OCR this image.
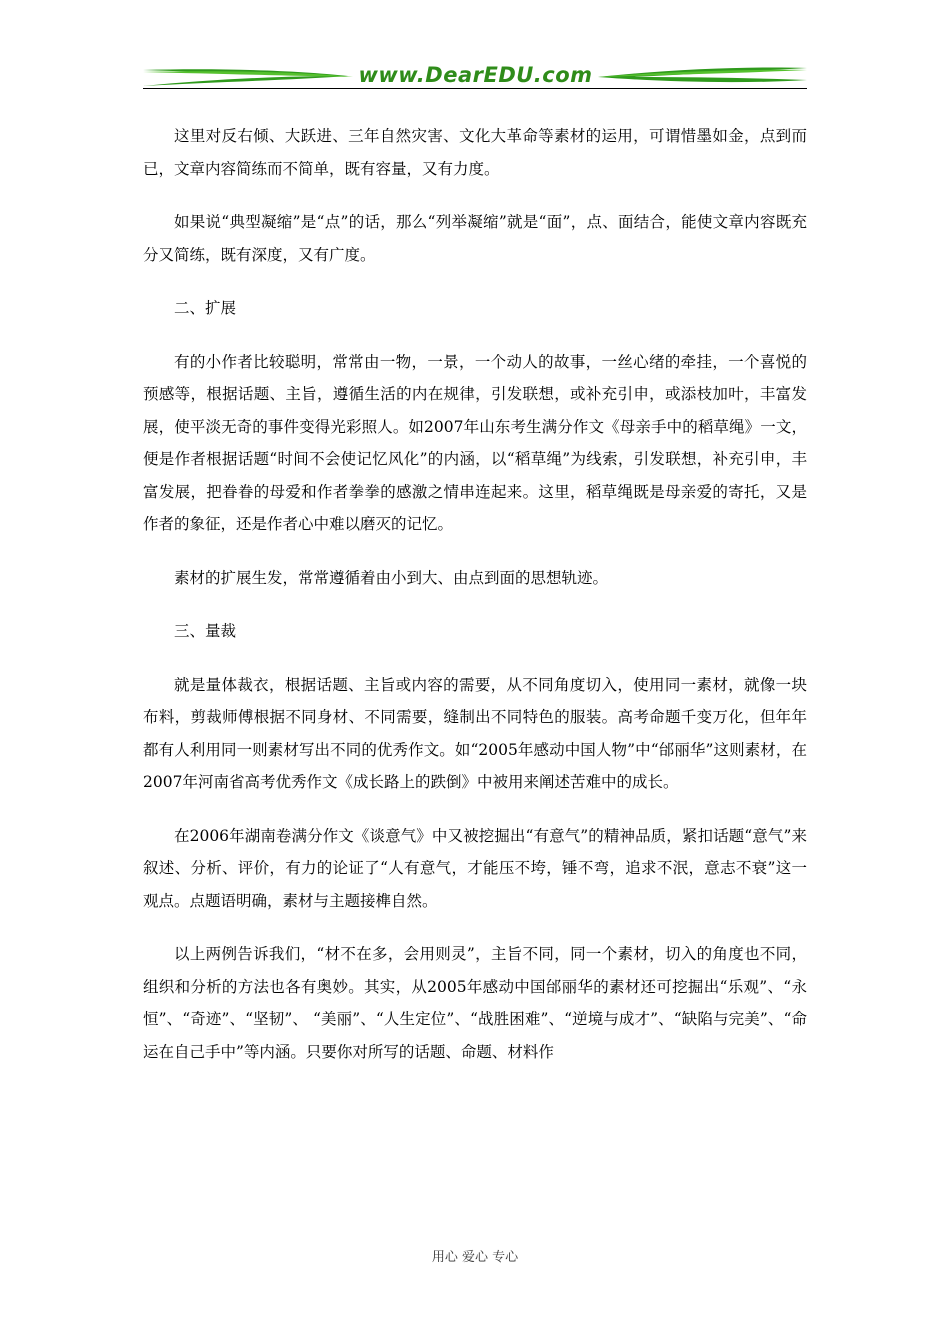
www.DearEDU.com

这里对反右倾、大跃进、三年自然灾害、文化大革命等素材的运用，可谓惜墨如金，点到而已，文章内容简练而不简单，既有容量，又有力度。

如果说“典型凝缩”是“点”的话，那么“列举凝缩”就是“面”，点、面结合，能使文章内容既充分又简练，既有深度，又有广度。

二、扩展

有的小作者比较聪明，常常由一物，一景，一个动人的故事，一丝心绪的牵挂，一个喜悦的预感等，根据话题、主旨，遵循生活的内在规律，引发联想，或补充引申，或添枝加叶，丰富发展，使平淡无奇的事件变得光彩照人。如2007年山东考生满分作文《母亲手中的稻草绳》一文，便是作者根据话题“时间不会使记忆风化”的内涵，以“稻草绳”为线索，引发联想，补充引申，丰富发展，把眷眷的母爱和作者拳拳的感激之情串连起来。这里，稻草绳既是母亲爱的寄托，又是作者的象征，还是作者心中难以磨灭的记忆。

素材的扩展生发，常常遵循着由小到大、由点到面的思想轨迹。

三、量裁

就是量体裁衣，根据话题、主旨或内容的需要，从不同角度切入，使用同一素材，就像一块布料，剪裁师傅根据不同身材、不同需要，缝制出不同特色的服装。高考命题千变万化，但年年都有人利用同一则素材写出不同的优秀作文。如“2005年感动中国人物”中“邰丽华”这则素材，在2007年河南省高考优秀作文《成长路上的跌倒》中被用来阐述苦难中的成长。

在2006年湖南卷满分作文《谈意气》中又被挖掘出“有意气”的精神品质，紧扣话题“意气”来叙述、分析、评价，有力的论证了“人有意气，才能压不垮，锤不弯，追求不泯，意志不衰”这一观点。点题语明确，素材与主题接榫自然。

以上两例告诉我们，“材不在多，会用则灵”，主旨不同，同一个素材，切入的角度也不同，组织和分析的方法也各有奥妙。其实，从2005年感动中国邰丽华的素材还可挖掘出“乐观”、“永恒”、“奇迹”、“坚韧”、 “美丽”、“人生定位”、“战胜困难”、“逆境与成才”、“缺陷与完美”、“命运在自己手中”等内涵。只要你对所写的话题、命题、材料作

用心 爱心 专心
